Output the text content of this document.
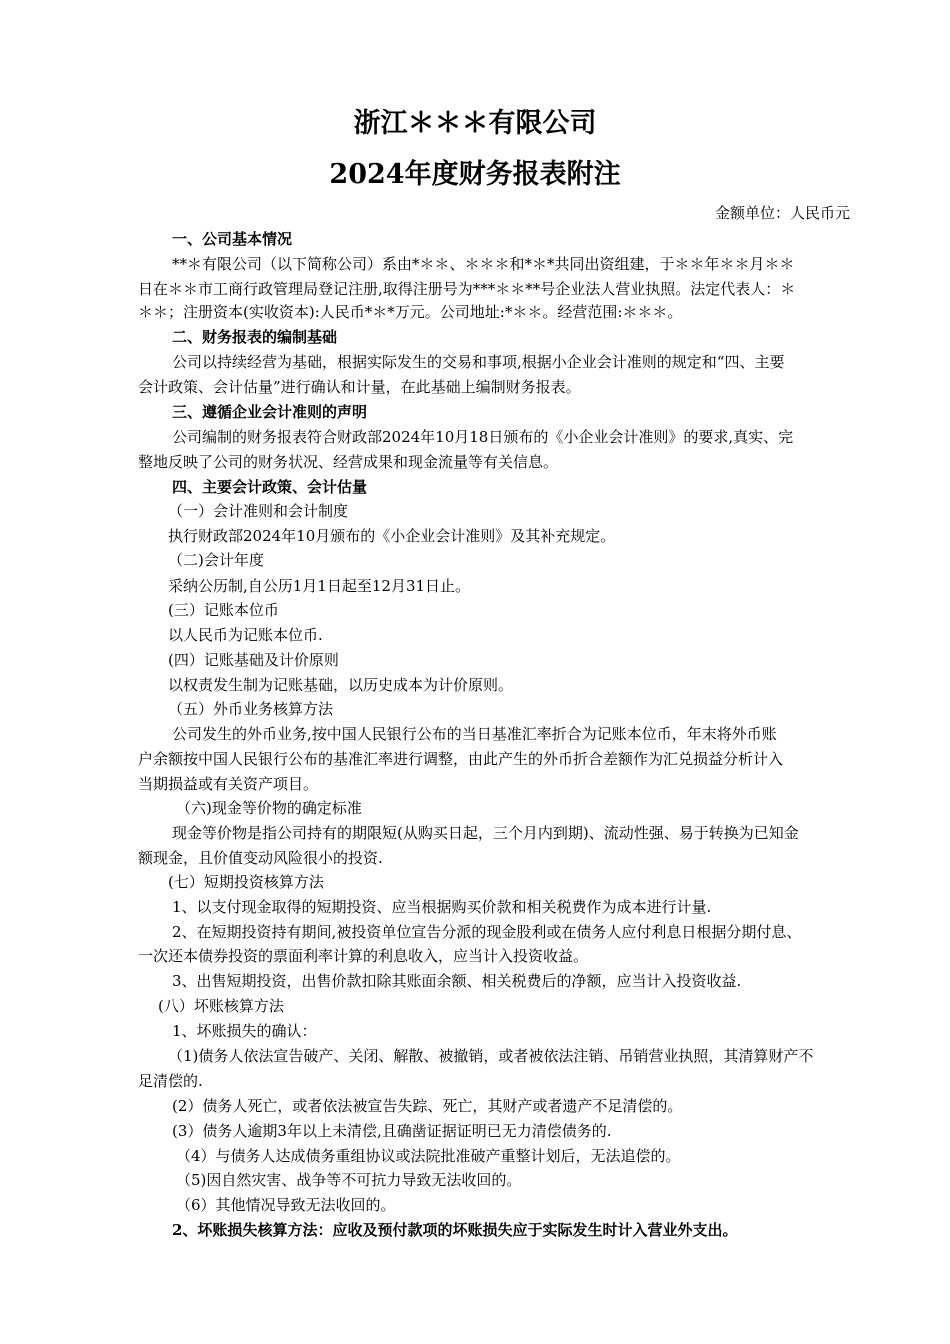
浙江＊＊＊有限公司
2024年度财务报表附注
金额单位：人民币元
一、公司基本情况
**＊有限公司（以下简称公司）系由*＊＊、＊＊＊和*＊*共同出资组建，于＊＊年＊＊月＊＊
日在＊＊市工商行政管理局登记注册,取得注册号为***＊＊**号企业法人营业执照。法定代表人：＊
＊＊；注册资本(实收资本):人民币*＊*万元。公司地址:*＊＊。经营范围:＊＊＊。
二、财务报表的编制基础
公司以持续经营为基础，根据实际发生的交易和事项,根据小企业会计准则的规定和“四、主要
会计政策、会计估量”进行确认和计量，在此基础上编制财务报表。
三、遵循企业会计准则的声明
公司编制的财务报表符合财政部2024年10月18日颁布的《小企业会计准则》的要求,真实、完
整地反映了公司的财务状况、经营成果和现金流量等有关信息。
四、主要会计政策、会计估量
（一）会计准则和会计制度
执行财政部2024年10月颁布的《小企业会计准则》及其补充规定。
（二)会计年度
采纳公历制,自公历1月1日起至12月31日止。
(三）记账本位币
以人民币为记账本位币.
(四）记账基础及计价原则
以权责发生制为记账基础，以历史成本为计价原则。
（五）外币业务核算方法
公司发生的外币业务,按中国人民银行公布的当日基准汇率折合为记账本位币，年末将外币账
户余额按中国人民银行公布的基准汇率进行调整，由此产生的外币折合差额作为汇兑损益分析计入
当期损益或有关资产项目。
（六)现金等价物的确定标准
现金等价物是指公司持有的期限短(从购买日起，三个月内到期)、流动性强、易于转换为已知金
额现金，且价值变动风险很小的投资.
(七）短期投资核算方法
1、以支付现金取得的短期投资、应当根据购买价款和相关税费作为成本进行计量.
2、在短期投资持有期间,被投资单位宣告分派的现金股利或在债务人应付利息日根据分期付息、
一次还本债券投资的票面利率计算的利息收入，应当计入投资收益。
3、出售短期投资，出售价款扣除其账面余额、相关税费后的净额，应当计入投资收益.
(八）坏账核算方法
1、坏账损失的确认：
（1)债务人依法宣告破产、关闭、解散、被撤销，或者被依法注销、吊销营业执照，其清算财产不
足清偿的.
(2）债务人死亡，或者依法被宣告失踪、死亡，其财产或者遗产不足清偿的。
(3）债务人逾期3年以上未清偿,且确凿证据证明已无力清偿债务的.
（4）与债务人达成债务重组协议或法院批准破产重整计划后，无法追偿的。
（5)因自然灾害、战争等不可抗力导致无法收回的。
（6）其他情况导致无法收回的。
2、坏账损失核算方法：应收及预付款项的坏账损失应于实际发生时计入营业外支出。
